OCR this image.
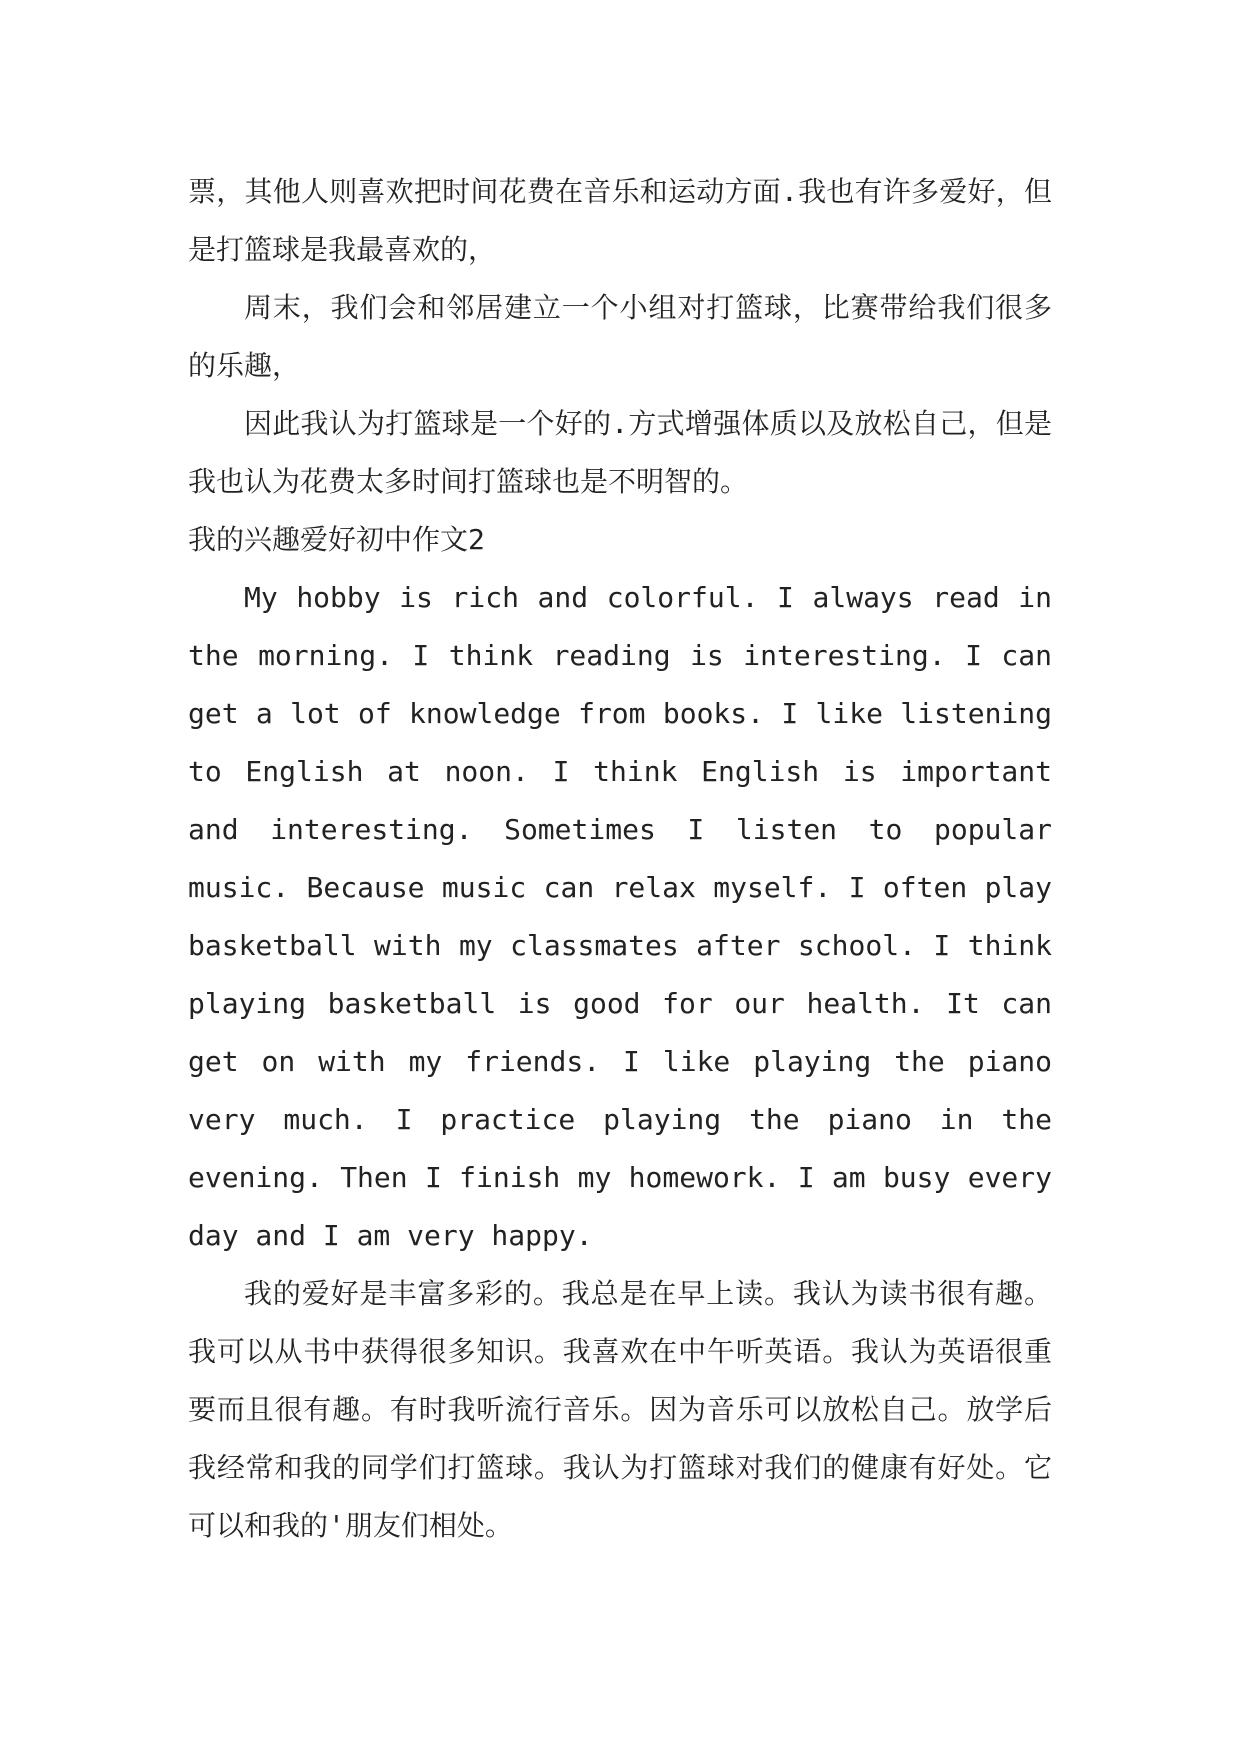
票，其他人则喜欢把时间花费在音乐和运动方面.我也有许多爱好，但是打篮球是我最喜欢的，

周末，我们会和邻居建立一个小组对打篮球，比赛带给我们很多的乐趣，

因此我认为打篮球是一个好的.方式增强体质以及放松自己，但是我也认为花费太多时间打篮球也是不明智的。

我的兴趣爱好初中作文2

My hobby is rich and colorful. I always read in the morning. I think reading is interesting. I can get a lot of knowledge from books. I like listening to English at noon. I think English is important and interesting. Sometimes I listen to popular music. Because music can relax myself. I often play basketball with my classmates after school. I think playing basketball is good for our health. It can get on with my friends. I like playing the piano very much. I practice playing the piano in the evening. Then I finish my homework. I am busy every day and I am very happy.

我的爱好是丰富多彩的。我总是在早上读。我认为读书很有趣。我可以从书中获得很多知识。我喜欢在中午听英语。我认为英语很重要而且很有趣。有时我听流行音乐。因为音乐可以放松自己。放学后我经常和我的同学们打篮球。我认为打篮球对我们的健康有好处。它可以和我的'朋友们相处。
